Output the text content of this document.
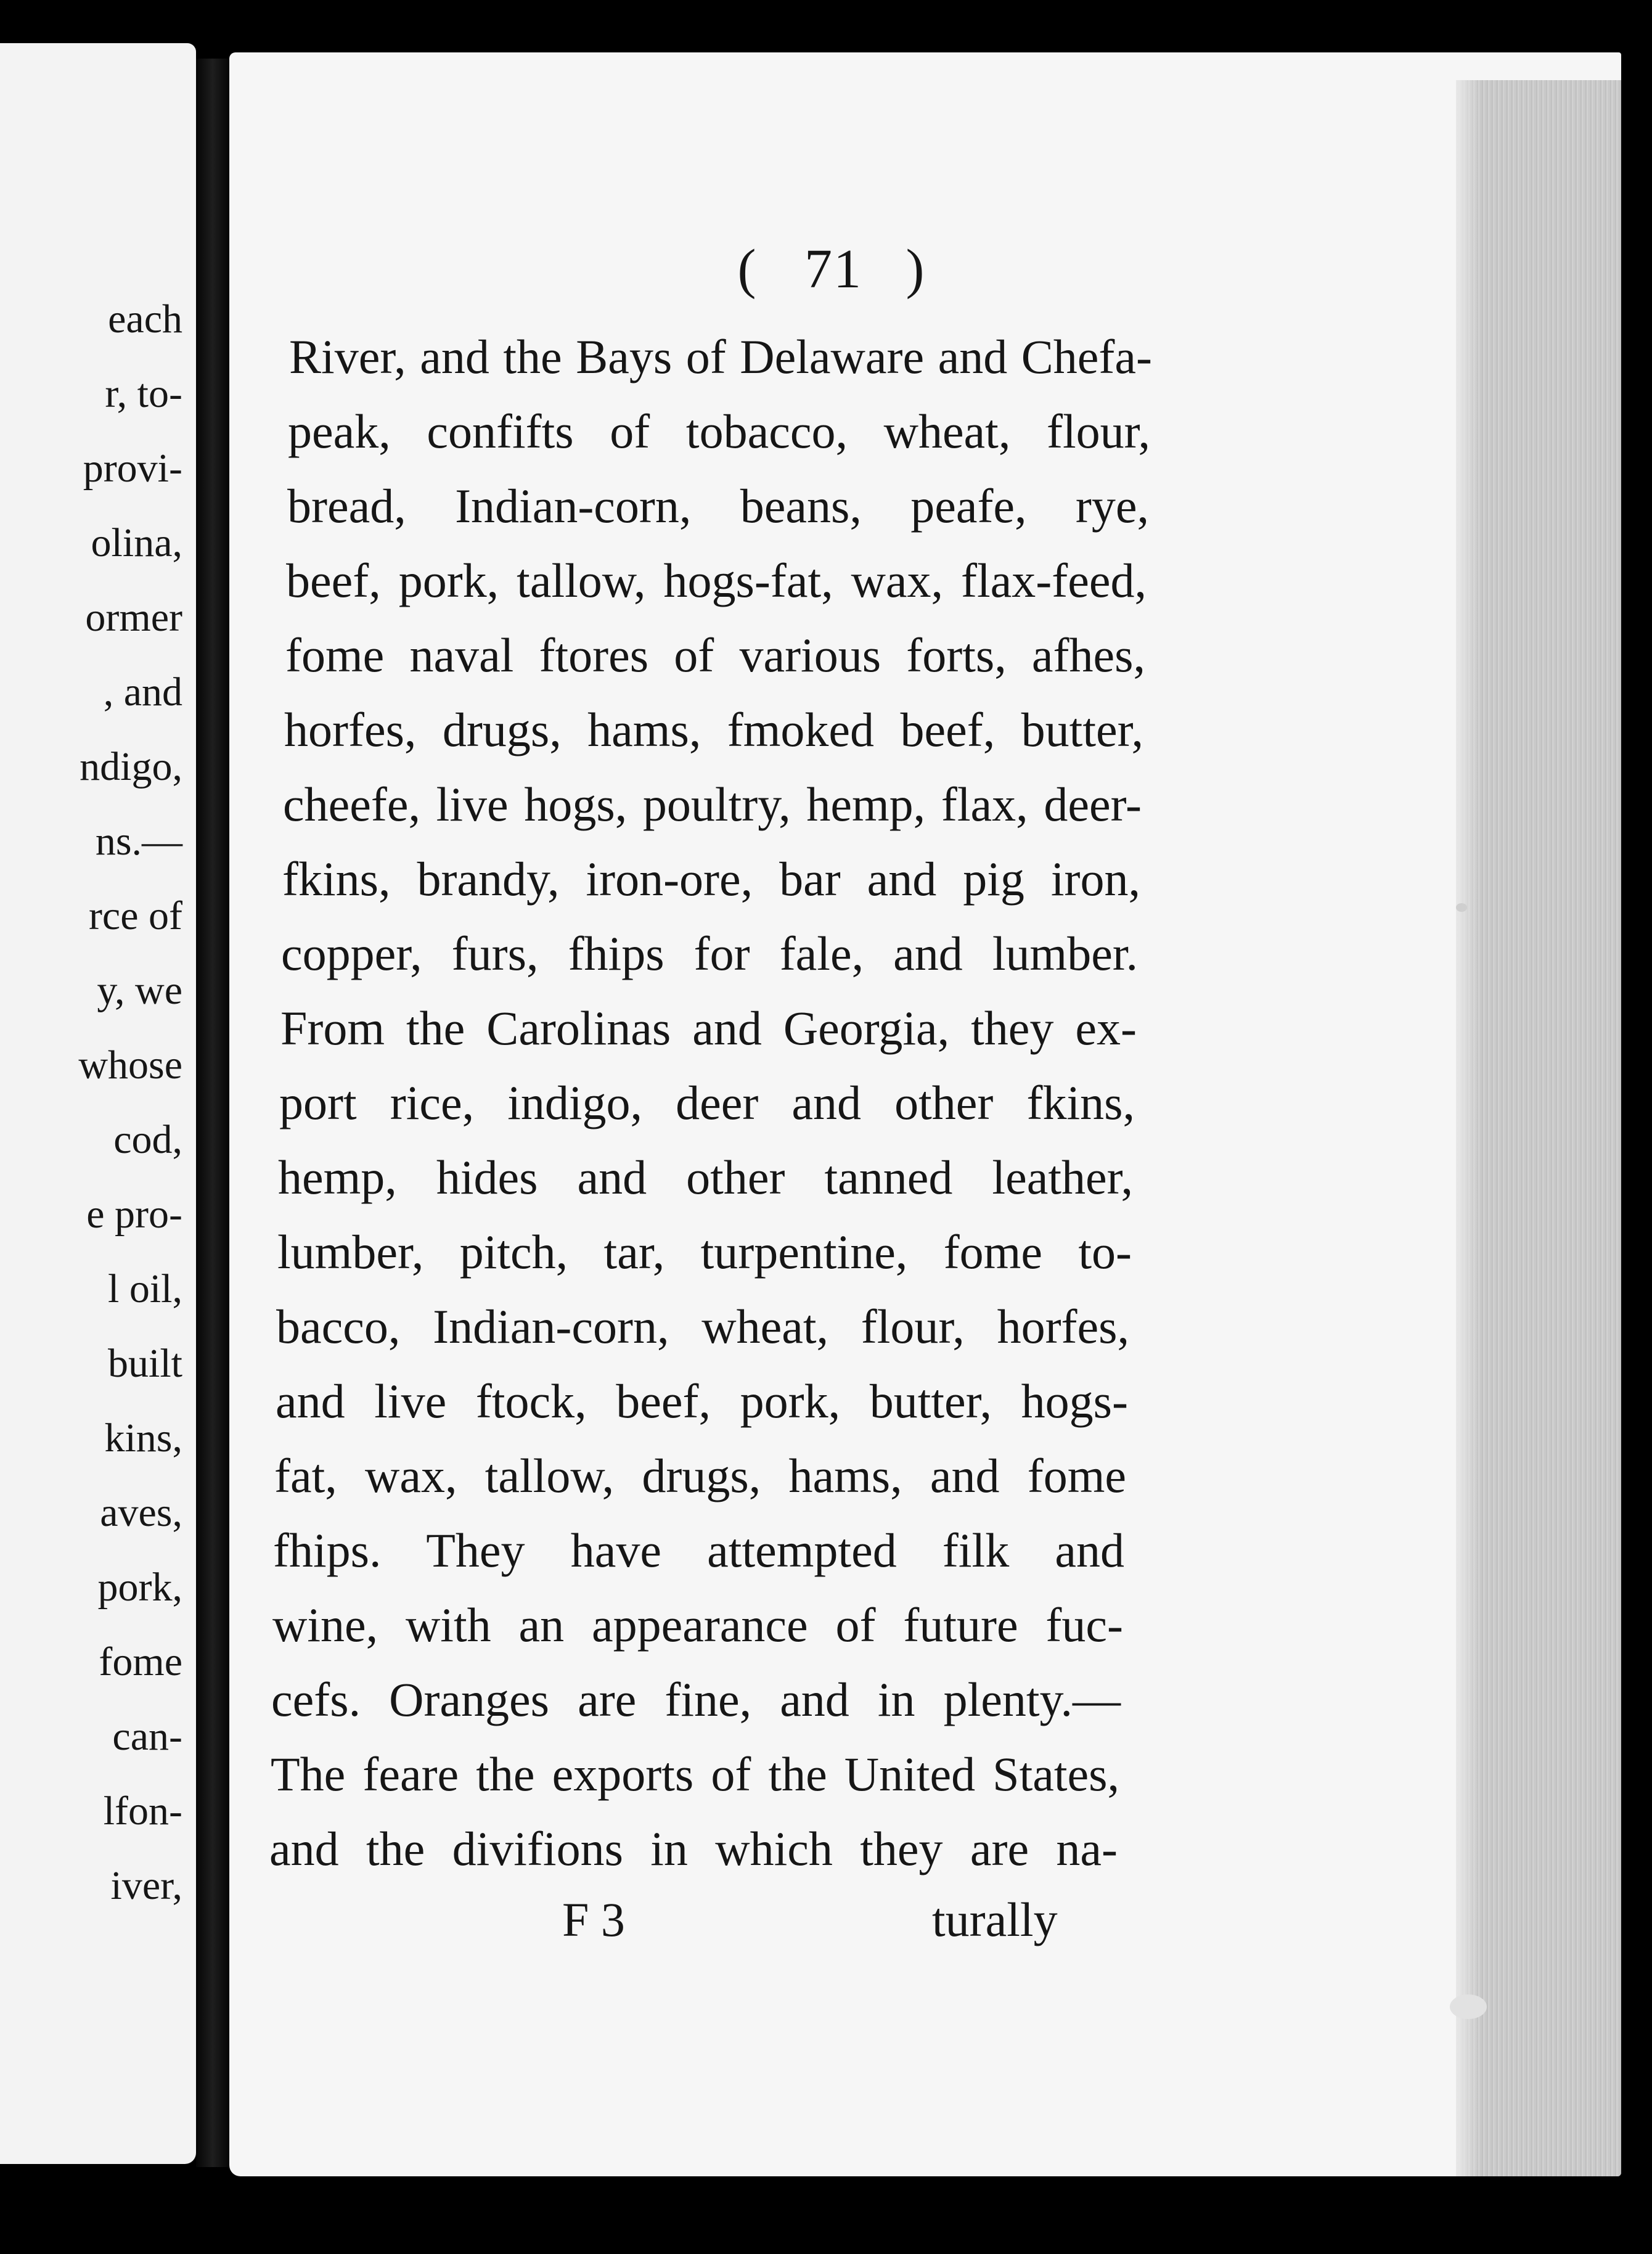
each
r, to-
provi-
olina,
ormer
, and
ndigo,
ns.—
rce of
y, we
whose
cod,
e pro-
l oil,
built
kins,
aves,
pork,
fome
can-
lfon-
iver,
( 71 )
River, and the Bays of Delaware and Chefa-
peak, confifts of tobacco, wheat, flour,
bread, Indian-corn, beans, peafe, rye,
beef, pork, tallow, hogs-fat, wax, flax-feed,
fome naval ftores of various forts, afhes,
horfes, drugs, hams, fmoked beef, butter,
cheefe, live hogs, poultry, hemp, flax, deer-
fkins, brandy, iron-ore, bar and pig iron,
copper, furs, fhips for fale, and lumber.
From the Carolinas and Georgia, they ex-
port rice, indigo, deer and other fkins,
hemp, hides and other tanned leather,
lumber, pitch, tar, turpentine, fome to-
bacco, Indian-corn, wheat, flour, horfes,
and live ftock, beef, pork, butter, hogs-
fat, wax, tallow, drugs, hams, and fome
fhips. They have attempted filk and
wine, with an appearance of future fuc-
cefs. Oranges are fine, and in plenty.—
The feare the exports of the United States,
and the divifions in which they are na-
F 3	turally
